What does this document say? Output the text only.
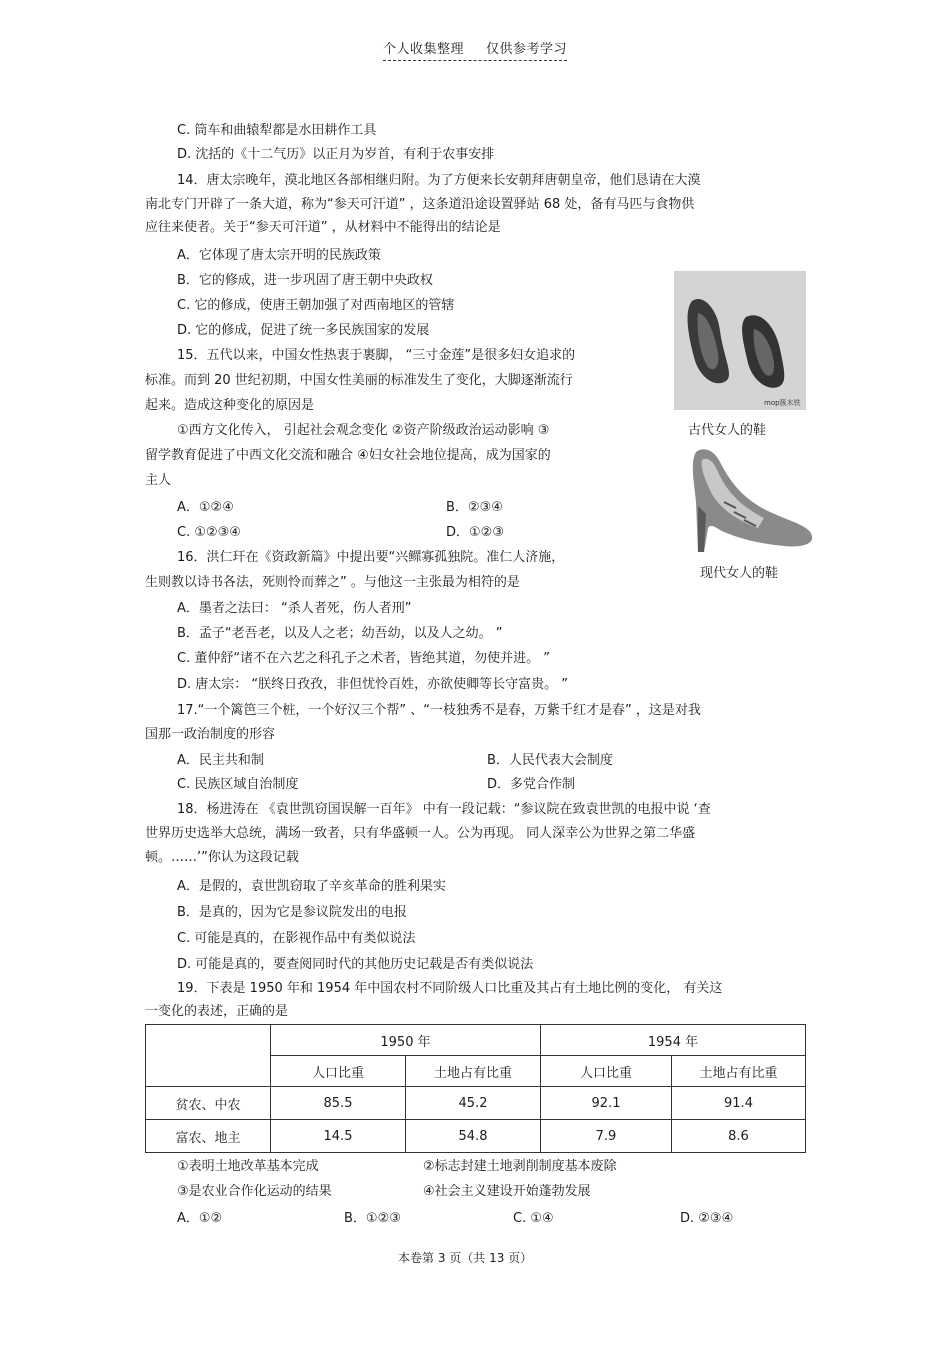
个人收集整理 仅供参考学习
C. 筒车和曲辕犁都是水田耕作工具
D. 沈括的《十二气历》以正月为岁首，有利于农事安排
14．唐太宗晚年，漠北地区各部相继归附。为了方便来长安朝拜唐朝皇帝，他们恳请在大漠
南北专门开辟了一条大道，称为“参天可汗道” ，这条道沿途设置驿站 68 处，备有马匹与食物供
应往来使者。关于“参天可汗道” ，从材料中不能得出的结论是
A．它体现了唐太宗开明的民族政策
B．它的修成，进一步巩固了唐王朝中央政权
C. 它的修成，使唐王朝加强了对西南地区的管辖
D. 它的修成，促进了统一多民族国家的发展
15．五代以来，中国女性热衷于裹脚， “三寸金莲”是很多妇女追求的
标准。而到 20 世纪初期，中国女性美丽的标准发生了变化，大脚逐渐流行
起来。造成这种变化的原因是
①西方文化传入， 引起社会观念变化 ②资产阶级政治运动影响 ③
留学教育促进了中西文化交流和融合 ④妇女社会地位提高，成为国家的
主人
A．①②④	B．②③④
C. ①②③④	D．①②③
mop簇木铁
古代女人的鞋
现代女人的鞋
16．洪仁玕在《资政新篇》中提出要“兴鳏寡孤独院。准仁人济施，
生则教以诗书各法，死则怜而葬之” 。与他这一主张最为相符的是
A．墨者之法曰： “杀人者死，伤人者刑”
B．孟子“老吾老，以及人之老；幼吾幼，以及人之幼。 ”
C. 董仲舒“诸不在六艺之科孔子之术者，皆绝其道，勿使并进。 ”
D. 唐太宗： “朕终日孜孜，非但忧怜百姓，亦欲使卿等长守富贵。 ”
17.“一个篱笆三个桩，一个好汉三个帮” 、“一枝独秀不是春，万紫千红才是春” ，这是对我
国那一政治制度的形容
A．民主共和制	B．人民代表大会制度
C. 民族区域自治制度	D．多党合作制
18．杨进涛在 《袁世凯窃国误解一百年》 中有一段记载：“参议院在致袁世凯的电报中说 ‘查
世界历史选举大总统，满场一致者，只有华盛顿一人。公为再现。 同人深幸公为世界之第二华盛
顿。……’”你认为这段记载
A．是假的，袁世凯窃取了辛亥革命的胜利果实
B．是真的，因为它是参议院发出的电报
C. 可能是真的，在影视作品中有类似说法
D. 可能是真的，要查阅同时代的其他历史记载是否有类似说法
19．下表是 1950 年和 1954 年中国农村不同阶级人口比重及其占有土地比例的变化， 有关这
一变化的表述，正确的是
	1950 年		1954 年	
	人口比重	土地占有比重	人口比重	土地占有比重
贫农、中农	85.5	45.2	92.1	91.4
富农、地主	14.5	54.8	7.9	8.6
①表明土地改革基本完成	②标志封建土地剥削制度基本废除
③是农业合作化运动的结果	④社会主义建设开始蓬勃发展
A．①②	B．①②③	C. ①④	D. ②③④
本卷第 3 页（共 13 页）
